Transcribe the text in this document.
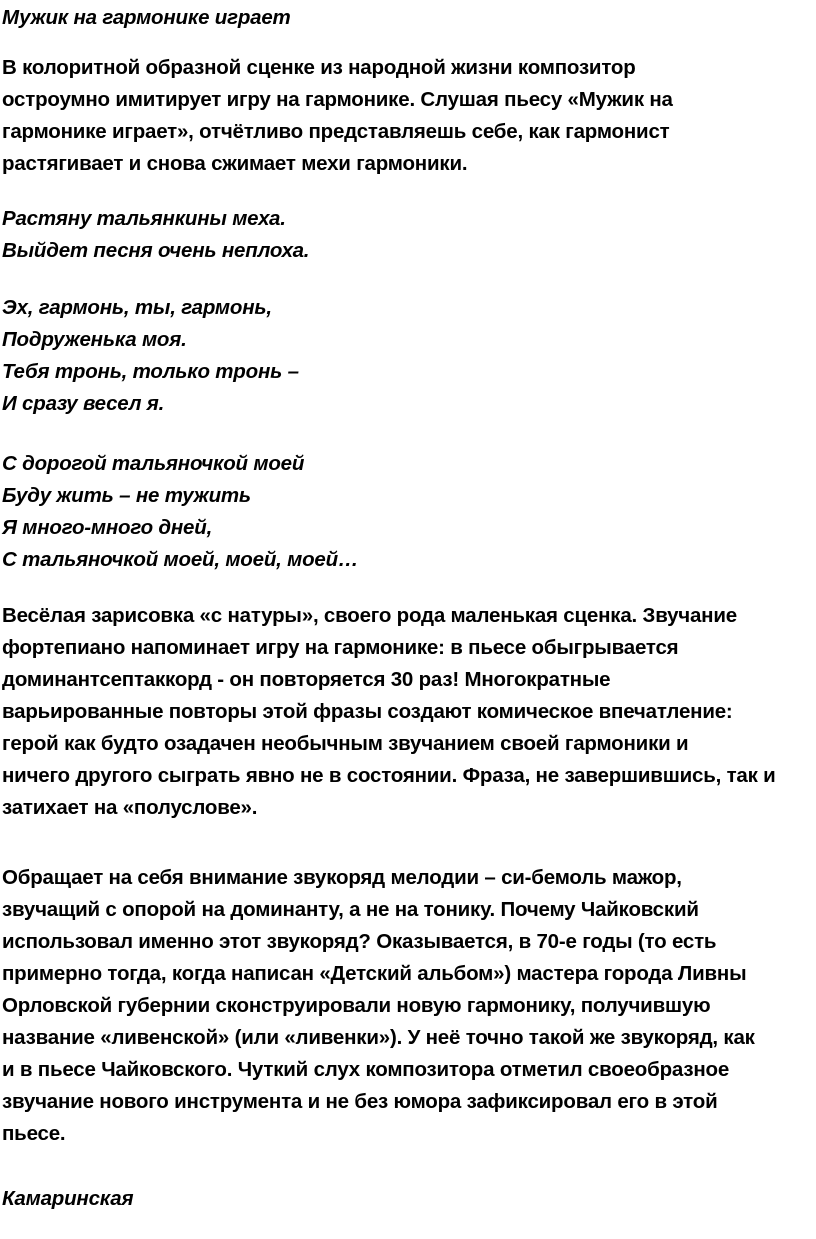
Мужик на гармонике играет
В колоритной образной сценке из народной жизни композитор
остроумно имитирует игру на гармонике. Слушая пьесу «Мужик на
гармонике играет», отчётливо представляешь себе, как гармонист
растягивает и снова сжимает мехи гармоники.
Растяну тальянкины меха.
Выйдет песня очень неплоха.
Эх, гармонь, ты, гармонь,
Подруженька моя.
Тебя тронь, только тронь –
И сразу весел я.
С дорогой тальяночкой моей
Буду жить – не тужить
Я много-много дней,
С тальяночкой моей, моей, моей…
Весёлая зарисовка «с натуры», своего рода маленькая сценка. Звучание
фортепиано напоминает игру на гармонике: в пьесе обыгрывается
доминантсептаккорд - он повторяется 30 раз! Многократные
варьированные повторы этой фразы создают комическое впечатление:
герой как будто озадачен необычным звучанием своей гармоники и
ничего другого сыграть явно не в состоянии. Фраза, не завершившись, так и
затихает на «полуслове».
Обращает на себя внимание звукоряд мелодии – си-бемоль мажор,
звучащий с опорой на доминанту, а не на тонику. Почему Чайковский
использовал именно этот звукоряд? Оказывается, в 70-е годы (то есть
примерно тогда, когда написан «Детский альбом») мастера города Ливны
Орловской губернии сконструировали новую гармонику, получившую
название «ливенской» (или «ливенки»). У неё точно такой же звукоряд, как
и в пьесе Чайковского. Чуткий слух композитора отметил своеобразное
звучание нового инструмента и не без юмора зафиксировал его в этой
пьесе.
Камаринская
